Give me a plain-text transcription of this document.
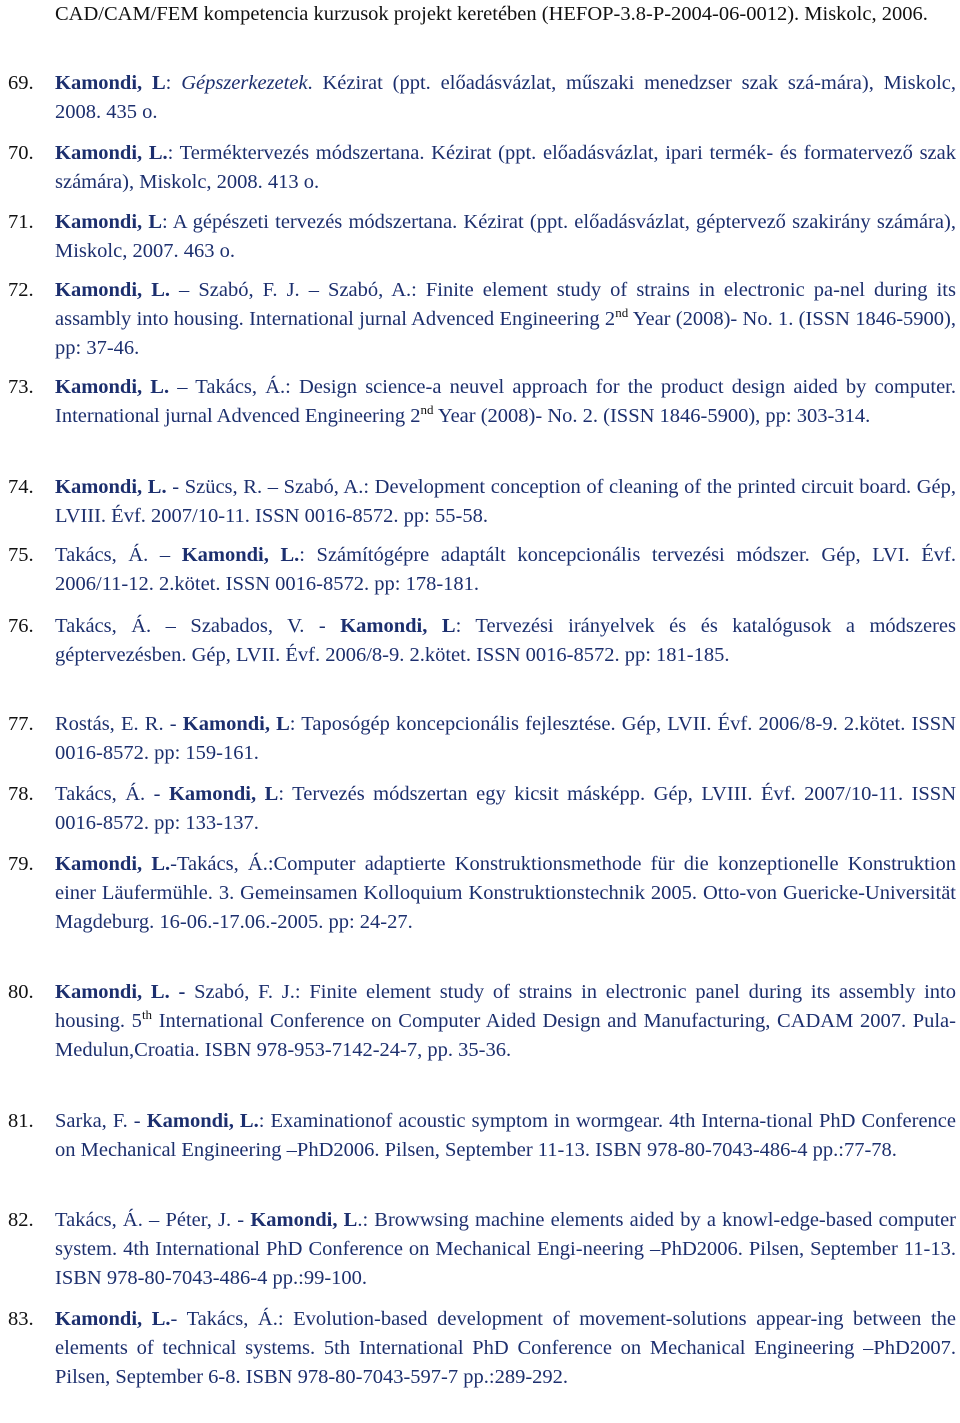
CAD/CAM/FEM kompetencia kurzusok projekt keretében (HEFOP-3.8-P-2004-06-0012). Miskolc, 2006.
69.	Kamondi, L: Gépszerkezetek. Kézirat (ppt. előadásvázlat, műszaki menedzser szak szá-mára), Miskolc, 2008. 435 o.
70.	Kamondi, L.: Terméktervezés módszertana. Kézirat (ppt. előadásvázlat, ipari termék- és formatervező szak számára), Miskolc, 2008. 413 o.
71.	Kamondi, L: A gépészeti tervezés módszertana. Kézirat (ppt. előadásvázlat, géptervező szakirány számára), Miskolc, 2007. 463 o.
72.	Kamondi, L. – Szabó, F. J. – Szabó, A.: Finite element study of strains in electronic pa-nel during its assambly into housing. International jurnal Advenced Engineering 2nd Year (2008)- No. 1. (ISSN 1846-5900), pp: 37-46.
73.	Kamondi, L. – Takács, Á.: Design science-a neuvel approach for the product design aided by computer. International jurnal Advenced Engineering 2nd Year (2008)- No. 2. (ISSN 1846-5900), pp: 303-314.
74.	Kamondi, L. - Szücs, R. – Szabó, A.: Development conception of cleaning of the printed circuit board. Gép, LVIII. Évf. 2007/10-11. ISSN 0016-8572. pp: 55-58.
75.	Takács, Á. – Kamondi, L.: Számítógépre adaptált koncepcionális tervezési módszer. Gép, LVI. Évf. 2006/11-12. 2.kötet. ISSN 0016-8572. pp: 178-181.
76.	Takács, Á. – Szabados, V. - Kamondi, L: Tervezési irányelvek és és katalógusok a módszeres géptervezésben. Gép, LVII. Évf. 2006/8-9. 2.kötet. ISSN 0016-8572. pp: 181-185.
77.	Rostás, E. R. - Kamondi, L: Taposógép koncepcionális fejlesztése. Gép, LVII. Évf. 2006/8-9. 2.kötet. ISSN 0016-8572. pp: 159-161.
78.	Takács, Á. - Kamondi, L: Tervezés módszertan egy kicsit másképp. Gép, LVIII. Évf. 2007/10-11. ISSN 0016-8572. pp: 133-137.
79.	Kamondi, L.-Takács, Á.:Computer adaptierte Konstruktionsmethode für die konzeptionelle Konstruktion einer Läufermühle. 3. Gemeinsamen Kolloquium Konstruktionstechnik 2005. Otto-von Guericke-Universität Magdeburg. 16-06.-17.06.-2005. pp: 24-27.
80.	Kamondi, L. - Szabó, F. J.: Finite element study of strains in electronic panel during its assembly into housing. 5th International Conference on Computer Aided Design and Manufacturing, CADAM 2007. Pula-Medulun,Croatia. ISBN 978-953-7142-24-7, pp. 35-36.
81.	Sarka, F. - Kamondi, L.: Examinationof acoustic symptom in wormgear. 4th Interna-tional PhD Conference on Mechanical Engineering –PhD2006. Pilsen, September 11-13. ISBN 978-80-7043-486-4 pp.:77-78.
82.	Takács, Á. – Péter, J. - Kamondi, L.: Browwsing machine elements aided by a knowl-edge-based computer system. 4th International PhD Conference on Mechanical Engi-neering –PhD2006. Pilsen, September 11-13. ISBN 978-80-7043-486-4 pp.:99-100.
83.	Kamondi, L.- Takács, Á.: Evolution-based development of movement-solutions appear-ing between the elements of technical systems. 5th International PhD Conference on Mechanical Engineering –PhD2007. Pilsen, September 6-8. ISBN 978-80-7043-597-7 pp.:289-292.
